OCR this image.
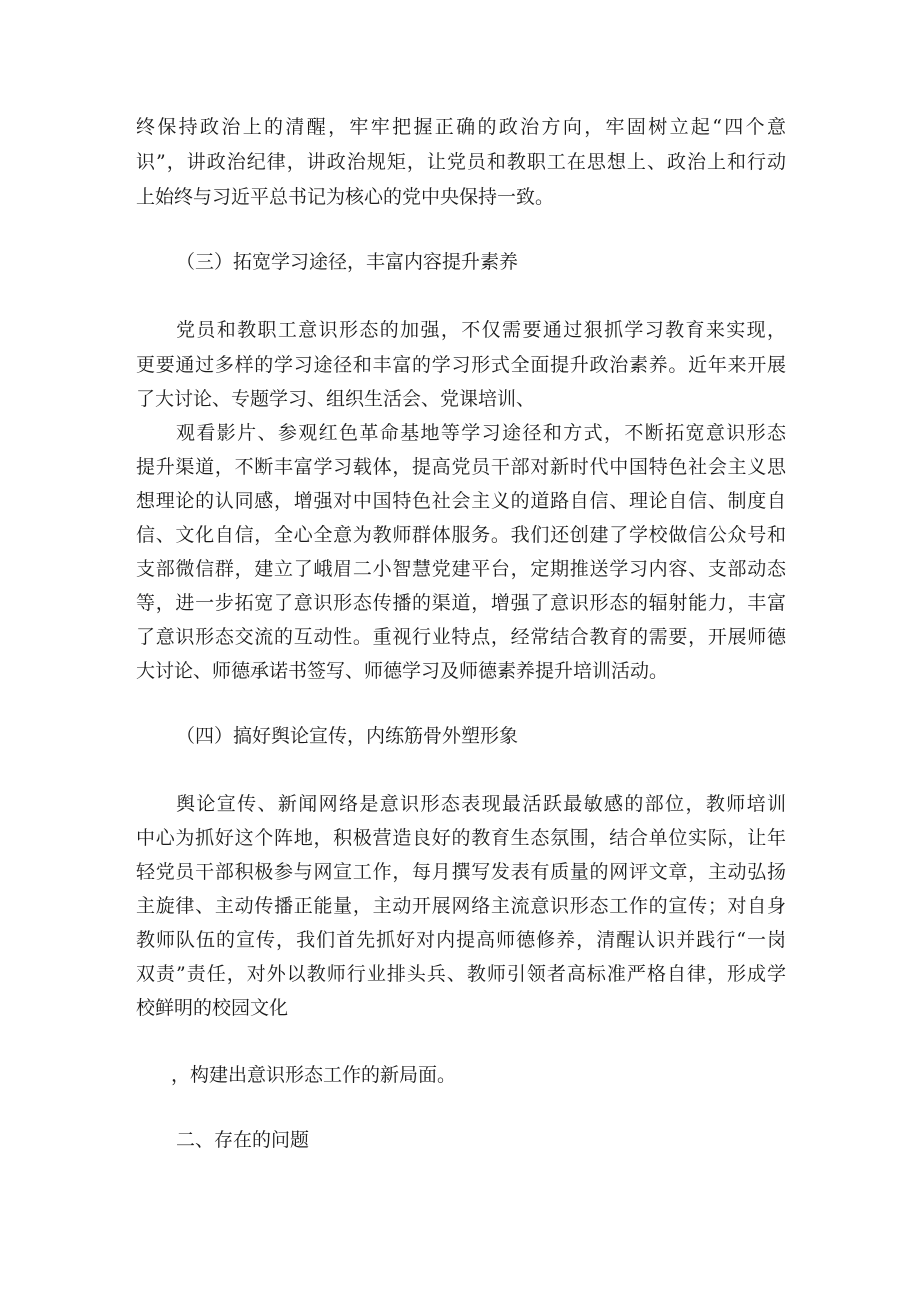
终保持政治上的清醒，牢牢把握正确的政治方向，牢固树立起“四个意
识”，讲政治纪律，讲政治规矩，让党员和教职工在思想上、政治上和行动
上始终与习近平总书记为核心的党中央保持一致。
（三）拓宽学习途径，丰富内容提升素养
党员和教职工意识形态的加强，不仅需要通过狠抓学习教育来实现，
更要通过多样的学习途径和丰富的学习形式全面提升政治素养。近年来开展
了大讨论、专题学习、组织生活会、党课培训、
观看影片、参观红色革命基地等学习途径和方式，不断拓宽意识形态
提升渠道，不断丰富学习载体，提高党员干部对新时代中国特色社会主义思
想理论的认同感，增强对中国特色社会主义的道路自信、理论自信、制度自
信、文化自信，全心全意为教师群体服务。我们还创建了学校做信公众号和
支部微信群，建立了峨眉二小智慧党建平台，定期推送学习内容、支部动态
等，进一步拓宽了意识形态传播的渠道，增强了意识形态的辐射能力，丰富
了意识形态交流的互动性。重视行业特点，经常结合教育的需要，开展师德
大讨论、师德承诺书签写、师德学习及师德素养提升培训活动。
（四）搞好舆论宣传，内练筋骨外塑形象
舆论宣传、新闻网络是意识形态表现最活跃最敏感的部位，教师培训
中心为抓好这个阵地，积极营造良好的教育生态氛围，结合单位实际，让年
轻党员干部积极参与网宣工作，每月撰写发表有质量的网评文章，主动弘扬
主旋律、主动传播正能量，主动开展网络主流意识形态工作的宣传；对自身
教师队伍的宣传，我们首先抓好对内提高师德修养，清醒认识并践行“一岗
双责”责任，对外以教师行业排头兵、教师引领者高标准严格自律，形成学
校鲜明的校园文化
，构建出意识形态工作的新局面。
二、存在的问题
